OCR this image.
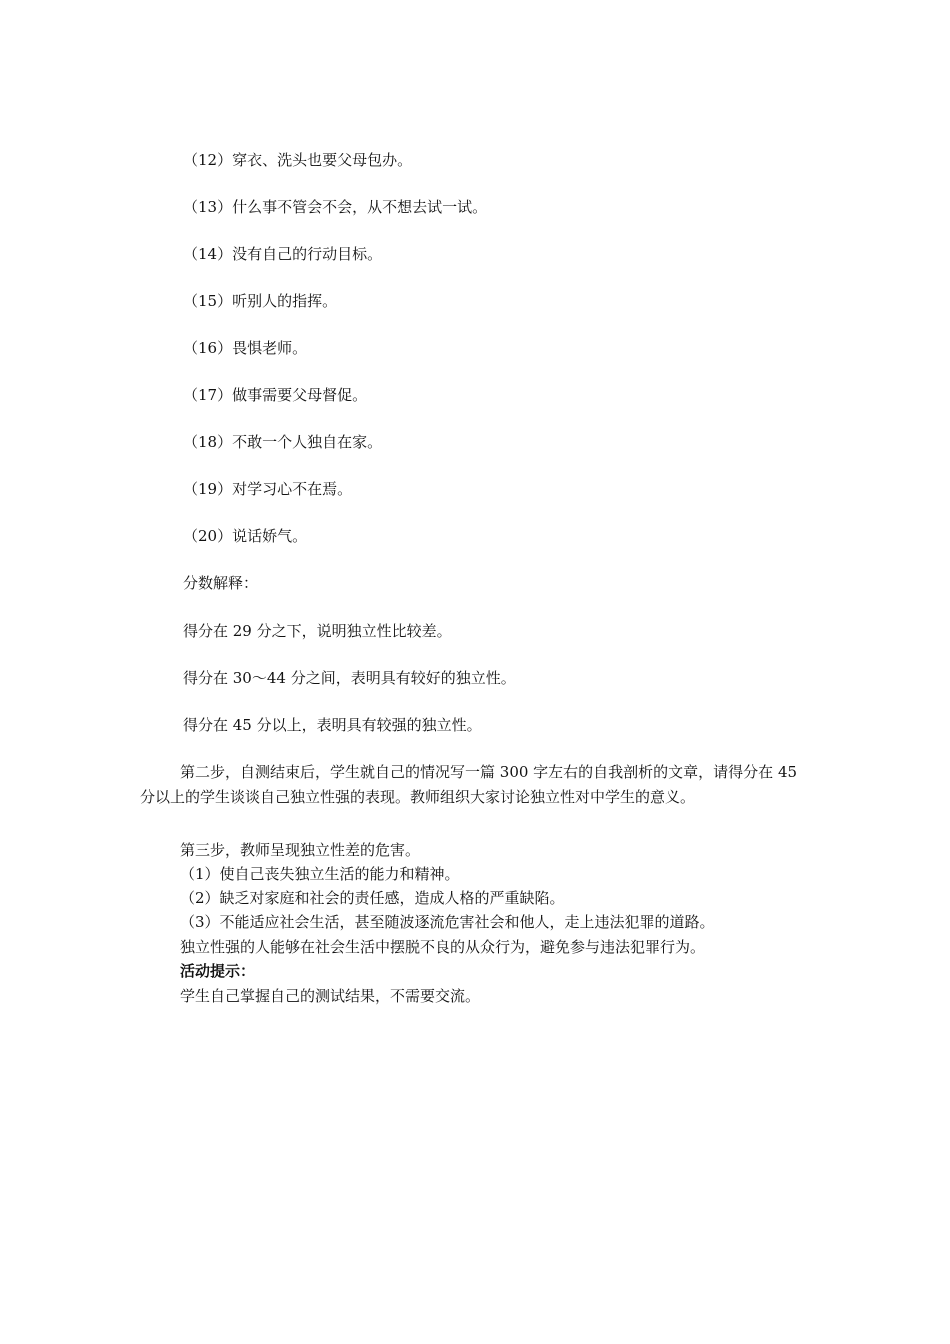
（12）穿衣、洗头也要父母包办。
（13）什么事不管会不会，从不想去试一试。
（14）没有自己的行动目标。
（15）听别人的指挥。
（16）畏惧老师。
（17）做事需要父母督促。
（18）不敢一个人独自在家。
（19）对学习心不在焉。
（20）说话娇气。
分数解释：
得分在 29 分之下，说明独立性比较差。
得分在 30～44 分之间，表明具有较好的独立性。
得分在 45 分以上，表明具有较强的独立性。
第二步，自测结束后，学生就自己的情况写一篇 300 字左右的自我剖析的文章，请得分在 45 分以上的学生谈谈自己独立性强的表现。教师组织大家讨论独立性对中学生的意义。
第三步，教师呈现独立性差的危害。
（1）使自己丧失独立生活的能力和精神。
（2）缺乏对家庭和社会的责任感，造成人格的严重缺陷。
（3）不能适应社会生活，甚至随波逐流危害社会和他人，走上违法犯罪的道路。
独立性强的人能够在社会生活中摆脱不良的从众行为，避免参与违法犯罪行为。
活动提示：
学生自己掌握自己的测试结果，不需要交流。
